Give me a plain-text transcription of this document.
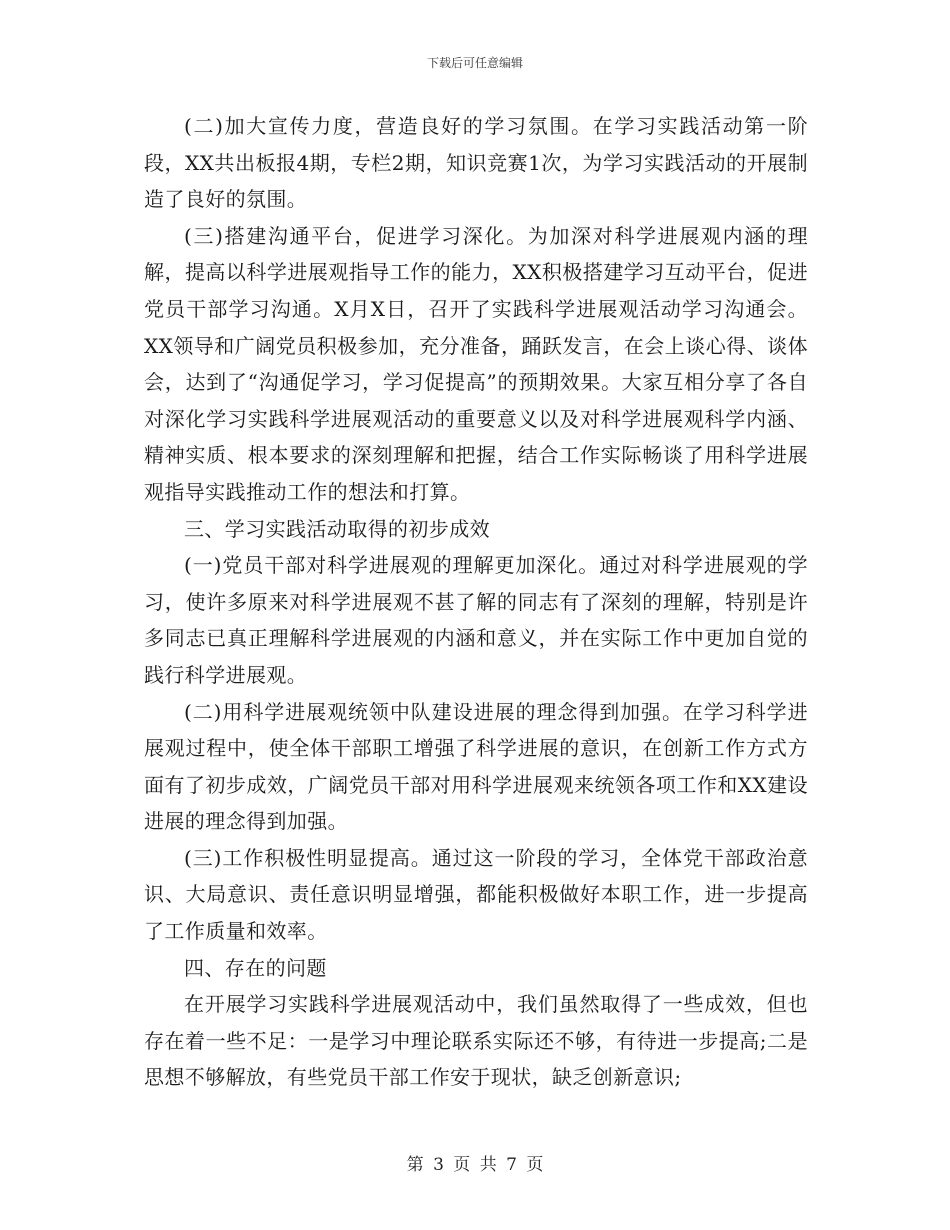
下载后可任意编辑

(二)加大宣传力度，营造良好的学习氛围。在学习实践活动第一阶段，XX共出板报4期，专栏2期，知识竞赛1次，为学习实践活动的开展制造了良好的氛围。

(三)搭建沟通平台，促进学习深化。为加深对科学进展观内涵的理解，提高以科学进展观指导工作的能力，XX积极搭建学习互动平台，促进党员干部学习沟通。X月X日，召开了实践科学进展观活动学习沟通会。XX领导和广阔党员积极参加，充分准备，踊跃发言，在会上谈心得、谈体会，达到了“沟通促学习，学习促提高”的预期效果。大家互相分享了各自对深化学习实践科学进展观活动的重要意义以及对科学进展观科学内涵、精神实质、根本要求的深刻理解和把握，结合工作实际畅谈了用科学进展观指导实践推动工作的想法和打算。

三、学习实践活动取得的初步成效

(一)党员干部对科学进展观的理解更加深化。通过对科学进展观的学习，使许多原来对科学进展观不甚了解的同志有了深刻的理解，特别是许多同志已真正理解科学进展观的内涵和意义，并在实际工作中更加自觉的践行科学进展观。

(二)用科学进展观统领中队建设进展的理念得到加强。在学习科学进展观过程中，使全体干部职工增强了科学进展的意识，在创新工作方式方面有了初步成效，广阔党员干部对用科学进展观来统领各项工作和XX建设进展的理念得到加强。

(三)工作积极性明显提高。通过这一阶段的学习，全体党干部政治意识、大局意识、责任意识明显增强，都能积极做好本职工作，进一步提高了工作质量和效率。

四、存在的问题

在开展学习实践科学进展观活动中，我们虽然取得了一些成效，但也存在着一些不足：一是学习中理论联系实际还不够，有待进一步提高;二是思想不够解放，有些党员干部工作安于现状，缺乏创新意识;

第 3 页 共 7 页
